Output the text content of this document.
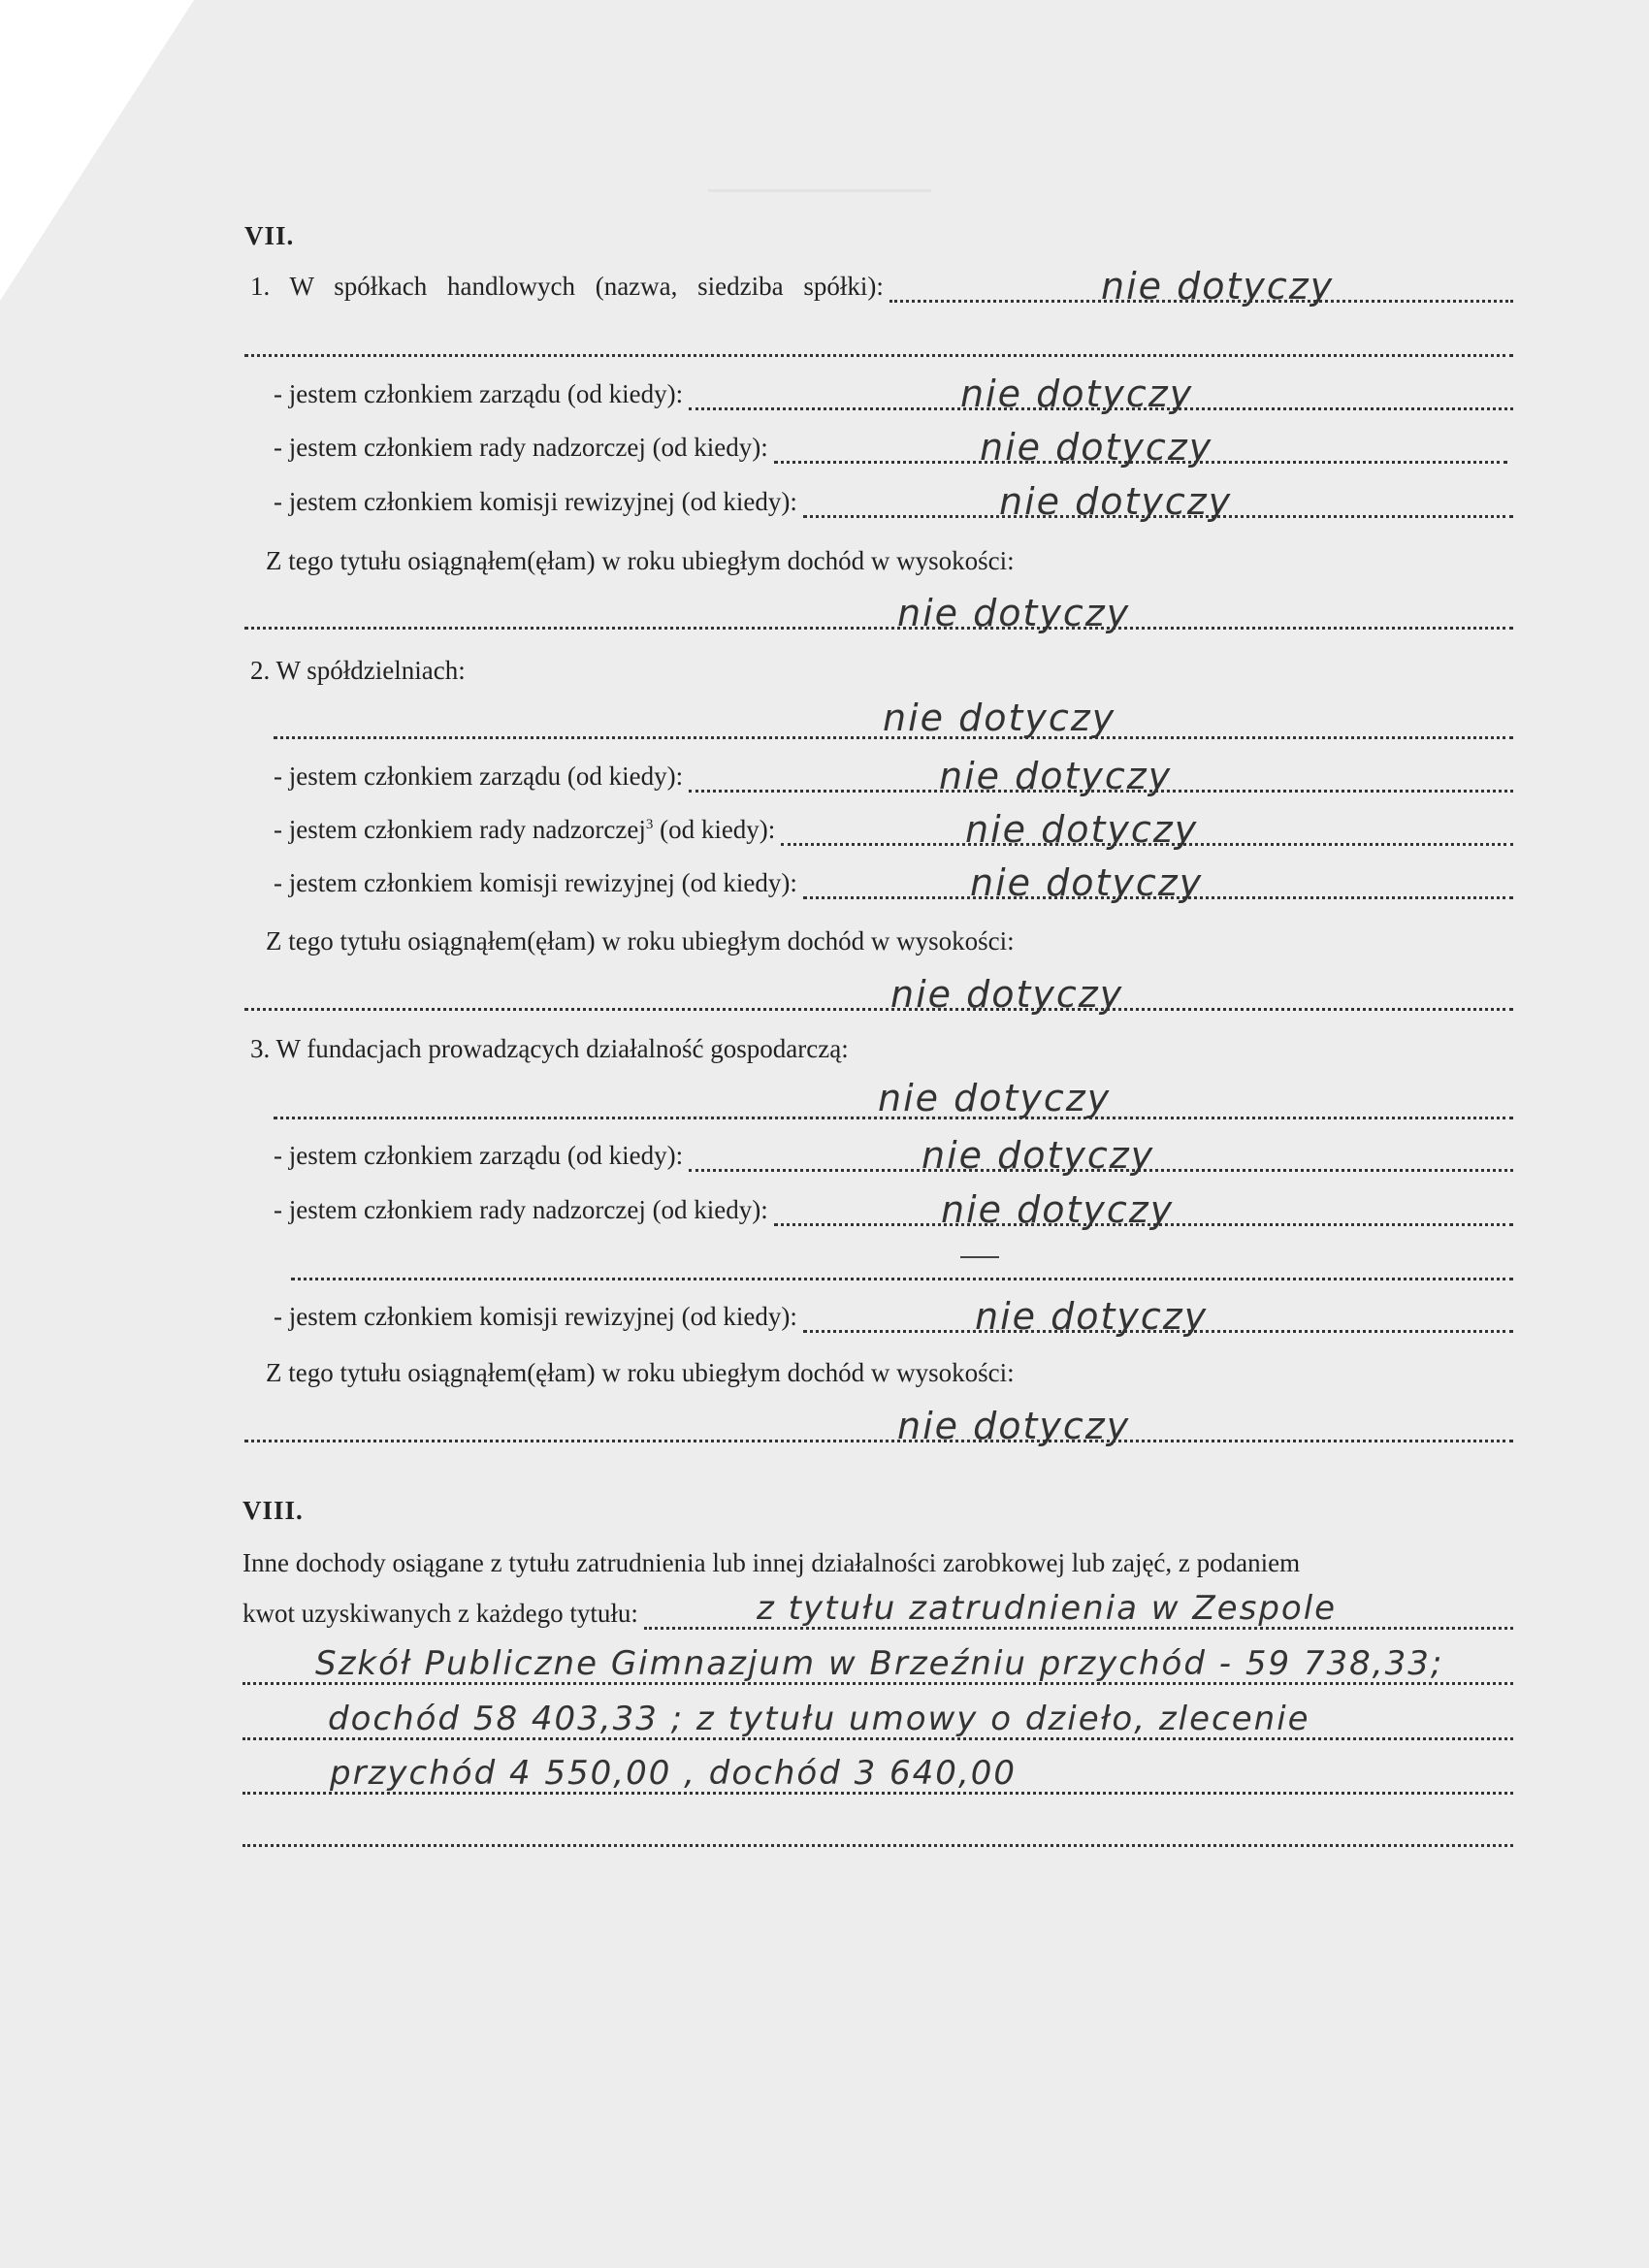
VII.
1. W spółkach handlowych (nazwa, siedziba spółki):	nie dotyczy
- jestem członkiem zarządu (od kiedy):	nie dotyczy
- jestem członkiem rady nadzorczej (od kiedy):	nie dotyczy
- jestem członkiem komisji rewizyjnej (od kiedy):	nie dotyczy
Z tego tytułu osiągnąłem(ęłam) w roku ubiegłym dochód w wysokości:
nie dotyczy
2. W spółdzielniach:
nie dotyczy
- jestem członkiem zarządu (od kiedy):	nie dotyczy
- jestem członkiem rady nadzorczej$^3$ (od kiedy):	nie dotyczy
- jestem członkiem komisji rewizyjnej (od kiedy):	nie dotyczy
Z tego tytułu osiągnąłem(ęłam) w roku ubiegłym dochód w wysokości:
nie dotyczy
3. W fundacjach prowadzących działalność gospodarczą:
nie dotyczy
- jestem członkiem zarządu (od kiedy):	nie dotyczy
- jestem członkiem rady nadzorczej (od kiedy):	nie dotyczy
- jestem członkiem komisji rewizyjnej (od kiedy):	nie dotyczy
Z tego tytułu osiągnąłem(ęłam) w roku ubiegłym dochód w wysokości:
nie dotyczy
VIII.
Inne dochody osiągane z tytułu zatrudnienia lub innej działalności zarobkowej lub zajęć, z podaniem
kwot uzyskiwanych z każdego tytułu:	z tytułu zatrudnienia w Zespole
Szkół Publiczne Gimnazjum w Brzeźniu przychód - 59 738,33;
dochód 58 403,33 ; z tytułu umowy o dzieło, zlecenie
przychód 4 550,00 , dochód 3 640,00
